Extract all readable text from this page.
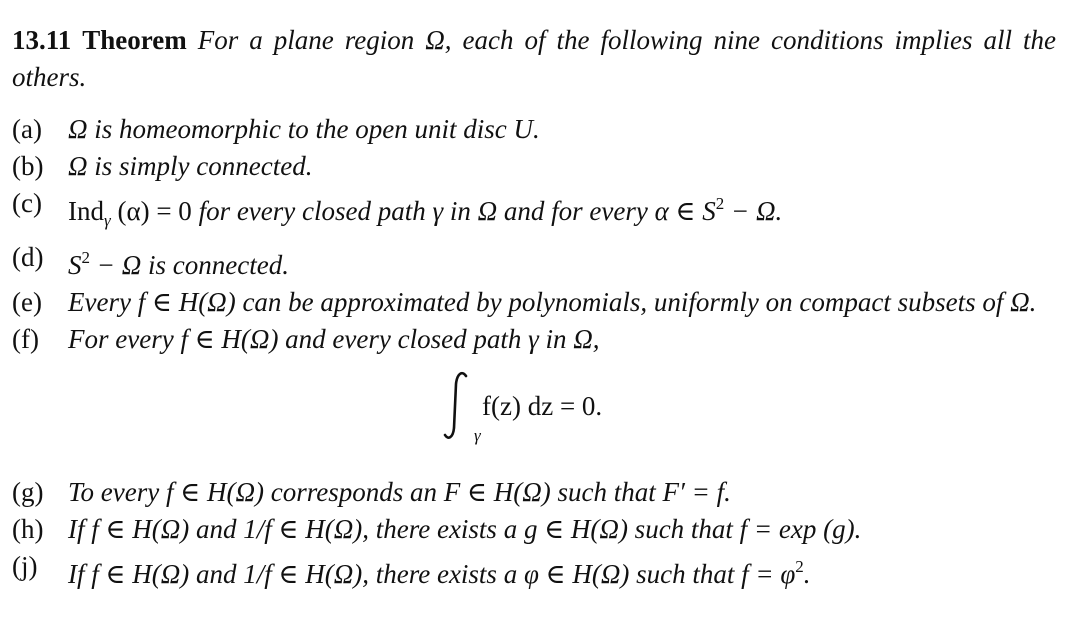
13.11 Theorem For a plane region Ω, each of the following nine conditions implies all the others.
(a) Ω is homeomorphic to the open unit disc U.
(b) Ω is simply connected.
(c) Ind$_\gamma$ (α) = 0 for every closed path γ in Ω and for every α ∈ $S^2 - \Omega$.
(d) $S^2 - \Omega$ is connected.
(e) Every f ∈ H(Ω) can be approximated by polynomials, uniformly on compact subsets of Ω.
(f)	For every f ∈ H(Ω) and every closed path γ in Ω,
f(z) dz = 0.
γ
(g) To every f ∈ H(Ω) corresponds an F ∈ H(Ω) such that F′ = f.
(h) If f ∈ H(Ω) and 1/f ∈ H(Ω), there exists a g ∈ H(Ω) such that f = exp (g).
(j)	If f ∈ H(Ω) and 1/f ∈ H(Ω), there exists a φ ∈ H(Ω) such that $f = \varphi^2$.
